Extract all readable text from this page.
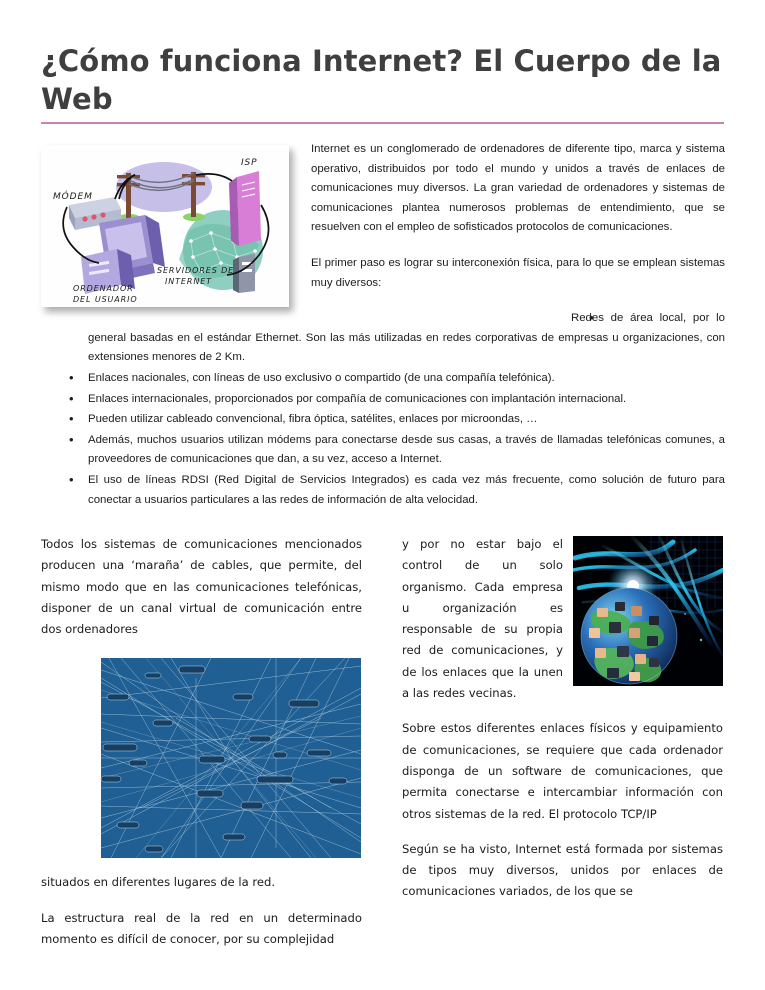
¿Cómo funciona Internet? El Cuerpo de la Web
MÓDEM
ISP
SERVIDORES DE
INTERNET
ORDENADOR
DEL USUARIO

Internet es un conglomerado de ordenadores de diferente tipo, marca y sistema operativo, distribuidos por todo el mundo y unidos a través de enlaces de comunicaciones muy diversos. La gran variedad de ordenadores y sistemas de comunicaciones plantea numerosos problemas de entendimiento, que se resuelven con el empleo de sofisticados protocolos de comunicaciones.

El primer paso es lograr su interconexión física, para lo que se emplean sistemas muy diversos:

• Redes de área local, por lo general basadas en el estándar Ethernet. Son las más utilizadas en redes corporativas de empresas u organizaciones, con extensiones menores de 2 Km.
• Enlaces nacionales, con líneas de uso exclusivo o compartido (de una compañía telefónica).
• Enlaces internacionales, proporcionados por compañía de comunicaciones con implantación internacional.
• Pueden utilizar cableado convencional, fibra óptica, satélites, enlaces por microondas, …
• Además, muchos usuarios utilizan módems para conectarse desde sus casas, a través de llamadas telefónicas comunes, a proveedores de comunicaciones que dan, a su vez, acceso a Internet.
• El uso de líneas RDSI (Red Digital de Servicios Integrados) es cada vez más frecuente, como solución de futuro para conectar a usuarios particulares a las redes de información de alta velocidad.

Todos los sistemas de comunicaciones mencionados producen una ‘maraña’ de cables, que permite, del mismo modo que en las comunicaciones telefónicas, disponer de un canal virtual de comunicación entre dos ordenadores

situados en diferentes lugares de la red.

La estructura real de la red en un determinado momento es difícil de conocer, por su complejidad

y por no estar bajo el control de un solo organismo. Cada empresa u organización es responsable de su propia red de comunicaciones, y de los enlaces que la unen a las redes vecinas.

Sobre estos diferentes enlaces físicos y equipamiento de comunicaciones, se requiere que cada ordenador disponga de un software de comunicaciones, que permita conectarse e intercambiar información con otros sistemas de la red. El protocolo TCP/IP

Según se ha visto, Internet está formada por sistemas de tipos muy diversos, unidos por enlaces de comunicaciones variados, de los que se
